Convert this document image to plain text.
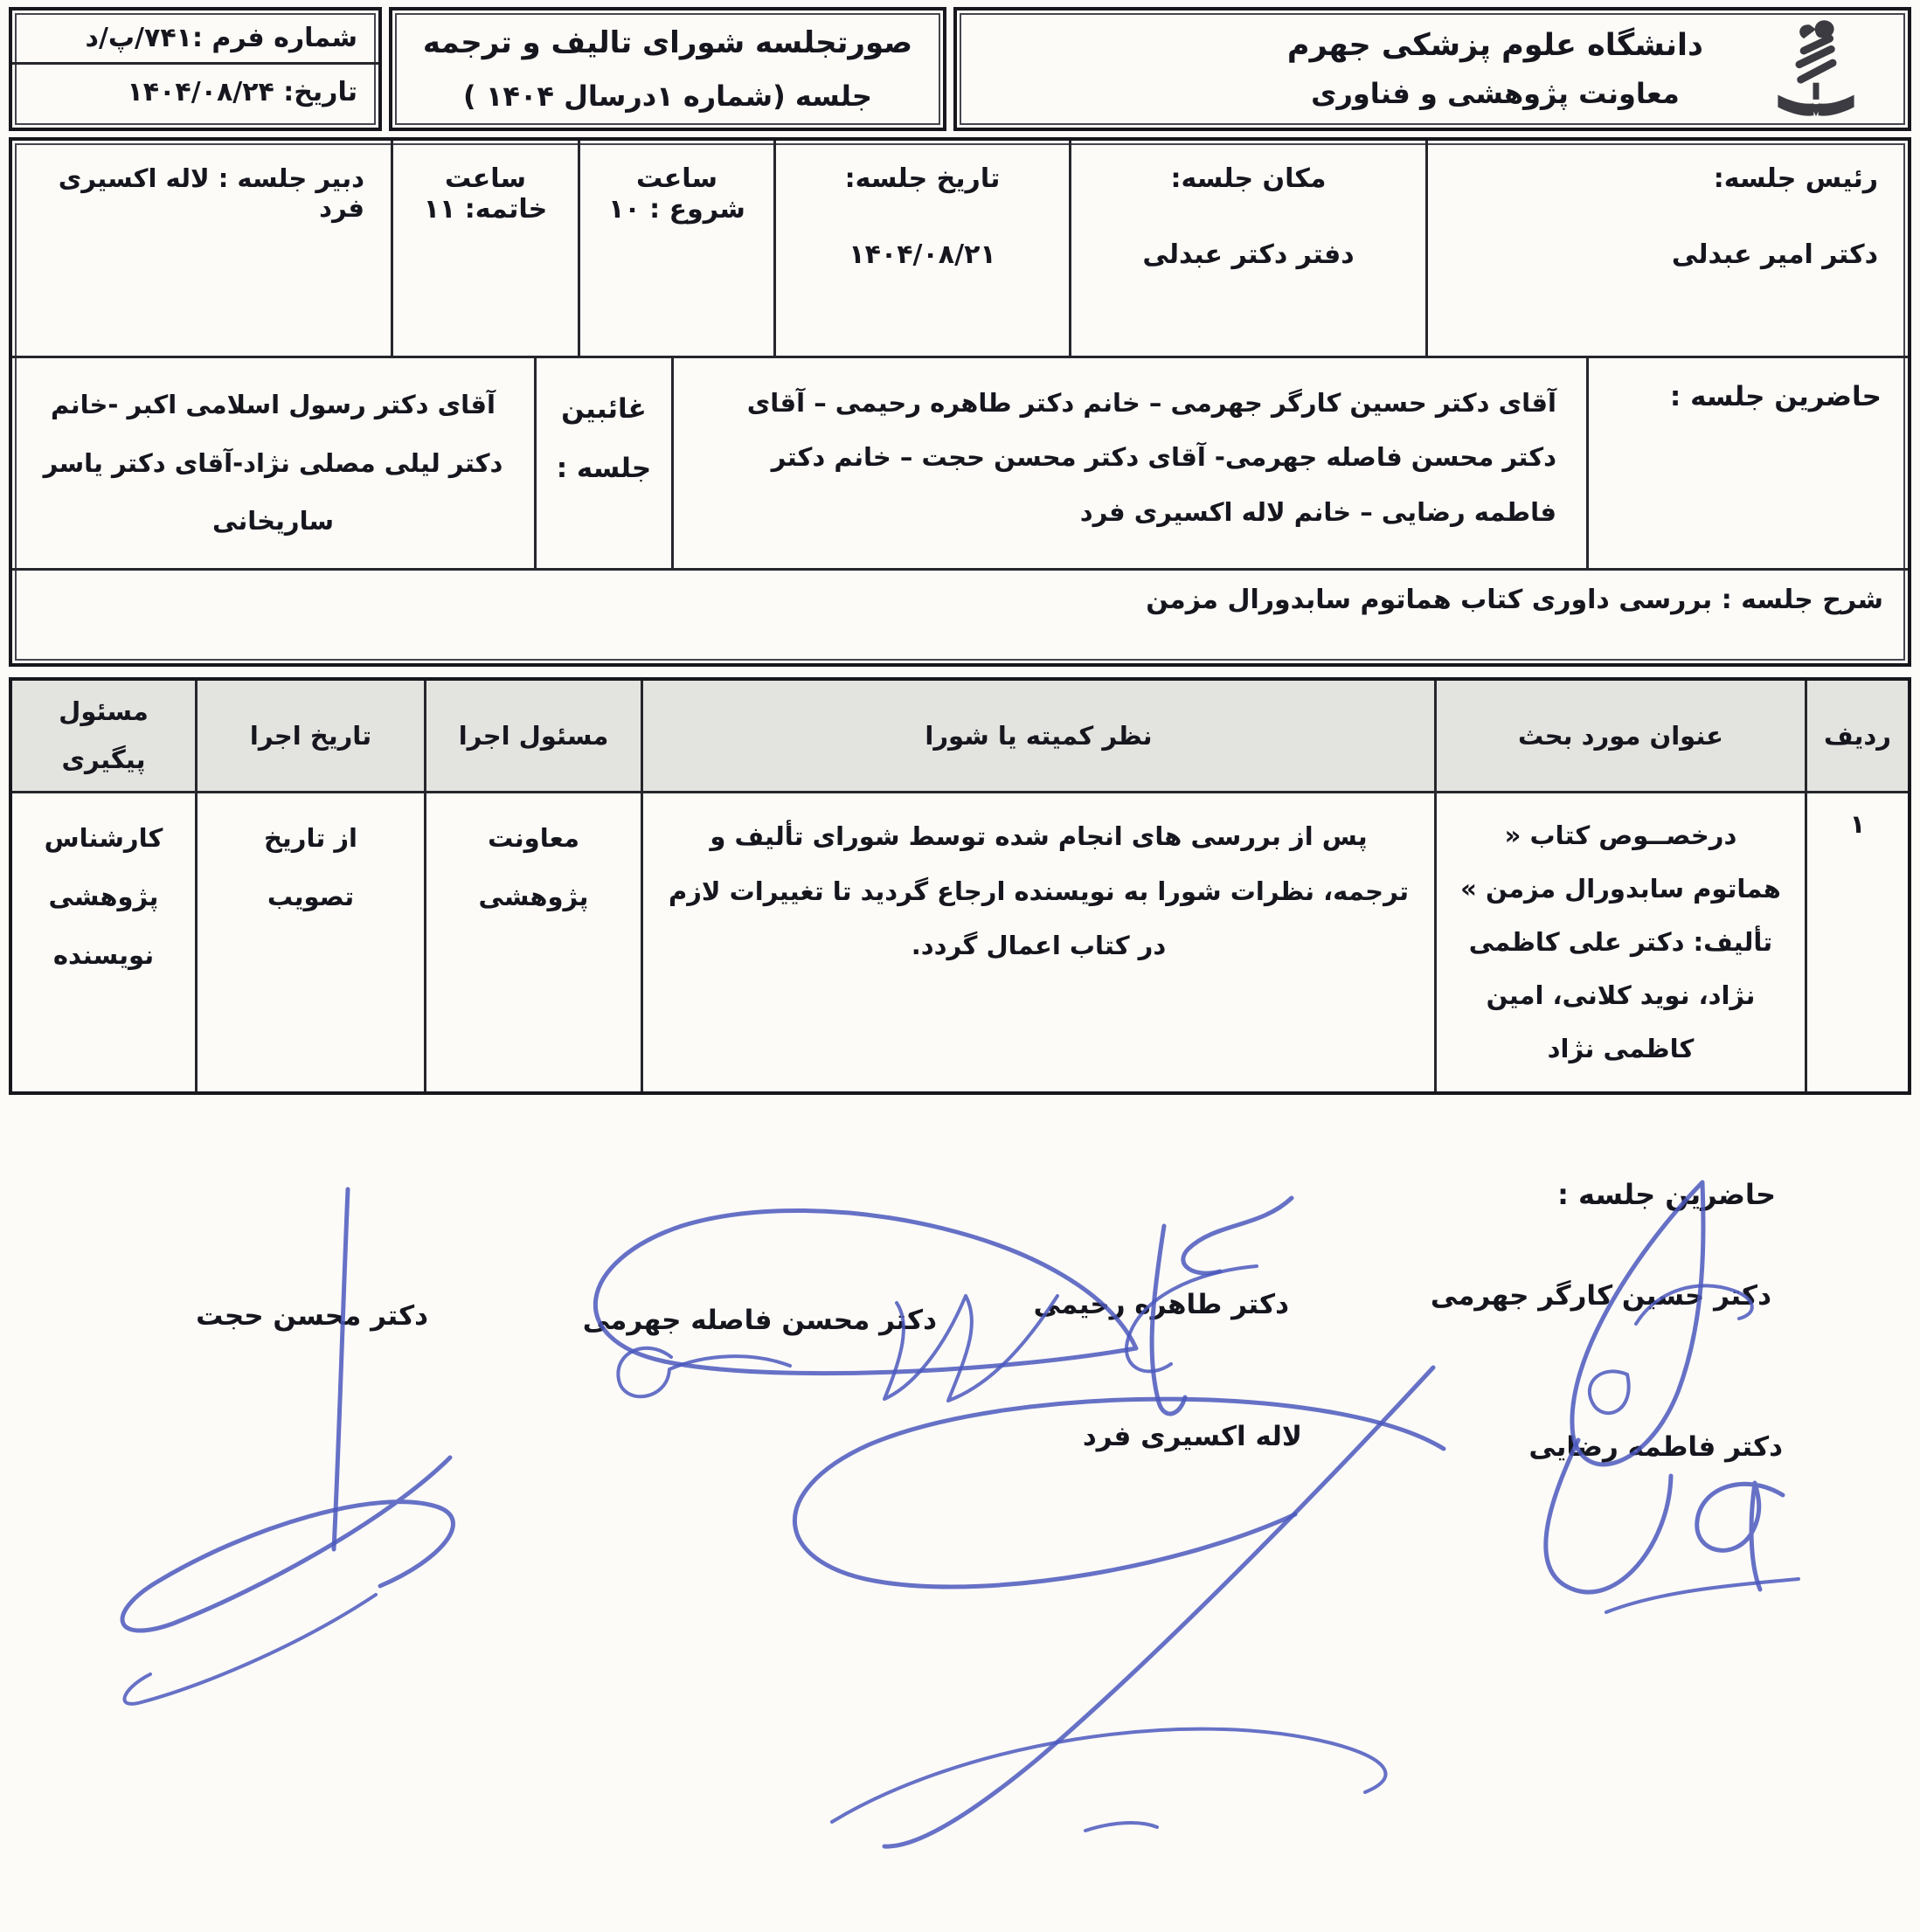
دانشگاه علوم پزشکی جهرم
معاونت پژوهشی و فناوری
صورتجلسه شورای تالیف و ترجمه
جلسه (شماره ۱درسال ۱۴۰۴ )
شماره فرم :۷۴۱/پ/د
تاریخ: ۱۴۰۴/۰۸/۲۴
رئیس جلسه:
دکتر امیر عبدلی
مکان جلسه:
دفتر دکتر عبدلی
تاریخ جلسه:
۱۴۰۴/۰۸/۲۱
ساعت شروع : ۱۰
ساعت خاتمه: ۱۱
دبیر جلسه : لاله اکسیری فرد
حاضرین جلسه :
آقای دکتر حسین کارگر جهرمی – خانم دکتر طاهره رحیمی – آقای دکتر محسن فاصله جهرمی- آقای دکتر محسن حجت – خانم دکتر فاطمه رضایی – خانم لاله اکسیری فرد
غائبین جلسه :
آقای دکتر رسول اسلامی اکبر -خانم دکتر لیلی مصلی نژاد-آقای دکتر یاسر ساریخانی
شرح جلسه : بررسی داوری کتاب هماتوم سابدورال مزمن
ردیف
عنوان مورد بحث
نظر کمیته یا شورا
مسئول اجرا
تاریخ اجرا
مسئول پیگیری
۱
درخصــوص کتاب « هماتوم سابدورال مزمن » تألیف: دکتر علی کاظمی نژاد، نوید کلانی، امین کاظمی نژاد
پس از بررسی های انجام شده توسط شورای تألیف و ترجمه، نظرات شورا به نویسنده ارجاع گردید تا تغییرات لازم در کتاب اعمال گردد.
معاونت پژوهشی
از تاریخ تصویب
کارشناس پژوهشی نویسنده
حاضرین جلسه :
دکتر حسین کارگر جهرمی
دکتر طاهره رحیمی
دکتر محسن فاصله جهرمی
دکتر محسن حجت
دکتر فاطمه رضایی
لاله اکسیری فرد
